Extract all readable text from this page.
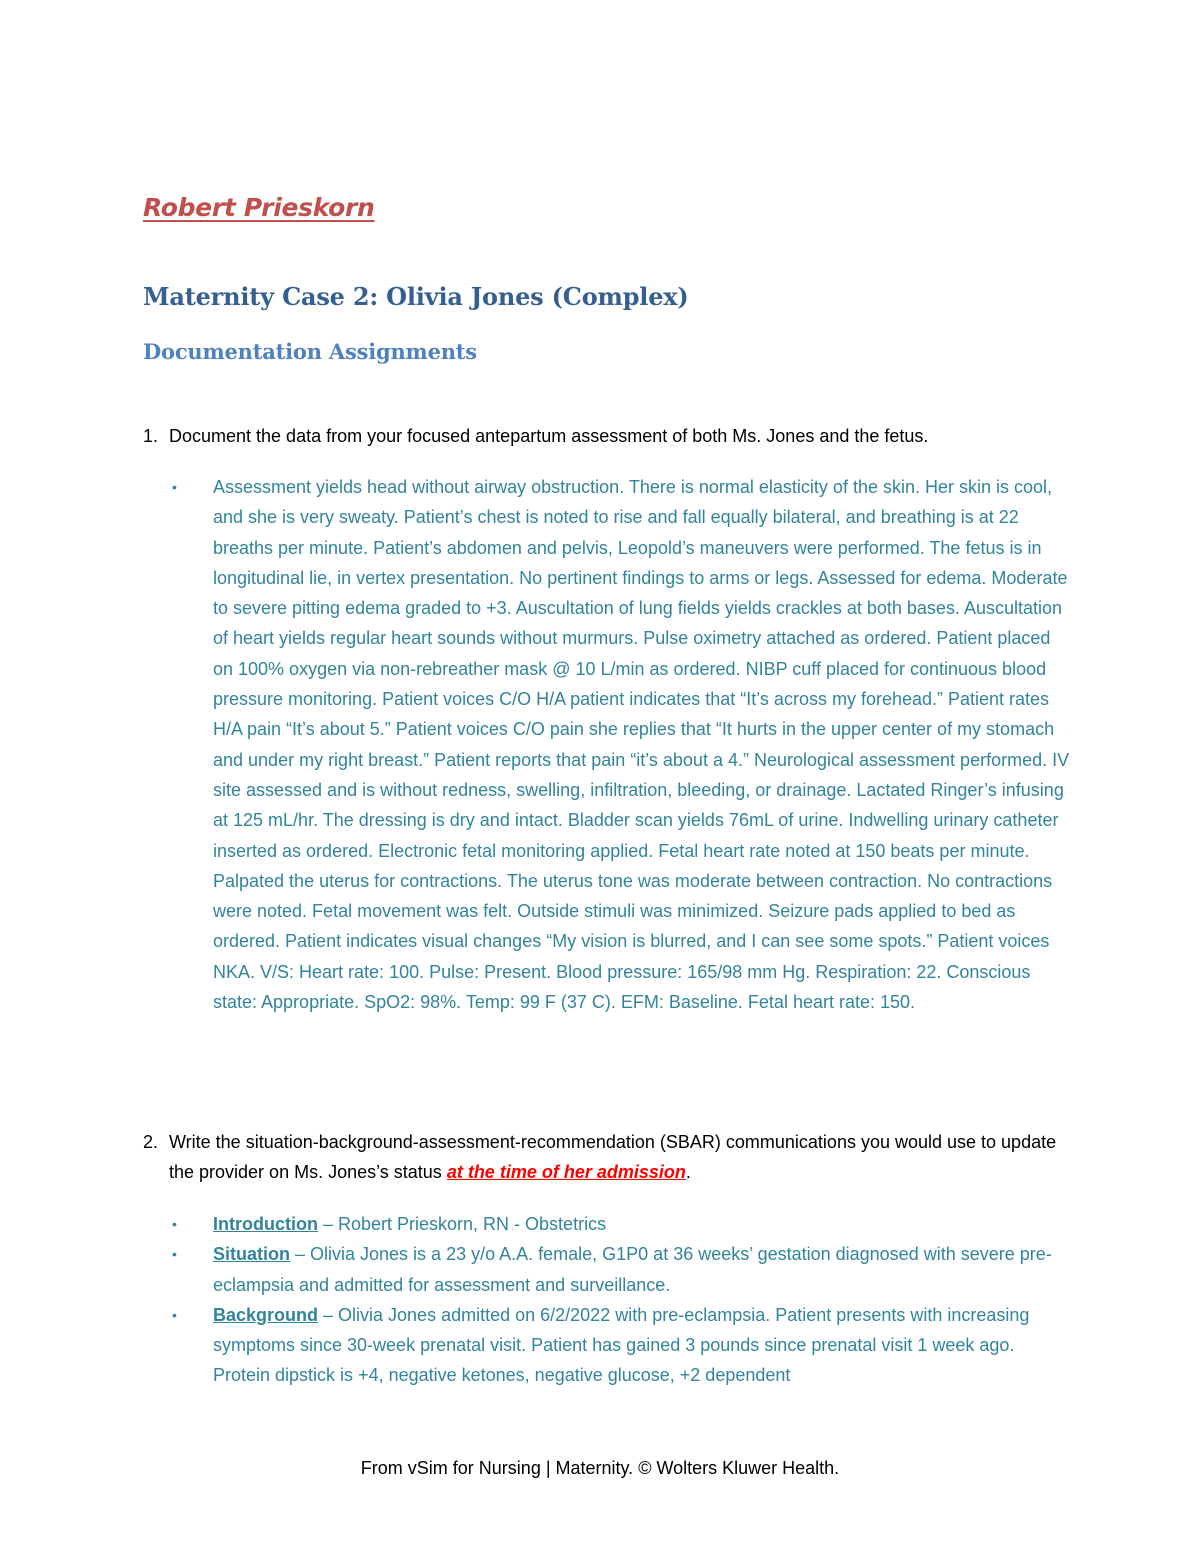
Robert Prieskorn
Maternity Case 2: Olivia Jones (Complex)
Documentation Assignments
1. Document the data from your focused antepartum assessment of both Ms. Jones and the fetus.
• Assessment yields head without airway obstruction. There is normal elasticity of the skin. Her skin is cool, and she is very sweaty. Patient’s chest is noted to rise and fall equally bilateral, and breathing is at 22 breaths per minute. Patient’s abdomen and pelvis, Leopold’s maneuvers were performed. The fetus is in longitudinal lie, in vertex presentation. No pertinent findings to arms or legs. Assessed for edema. Moderate to severe pitting edema graded to +3. Auscultation of lung fields yields crackles at both bases. Auscultation of heart yields regular heart sounds without murmurs. Pulse oximetry attached as ordered. Patient placed on 100% oxygen via non-rebreather mask @ 10 L/min as ordered. NIBP cuff placed for continuous blood pressure monitoring. Patient voices C/O H/A patient indicates that “It’s across my forehead.” Patient rates H/A pain “It’s about 5.” Patient voices C/O pain she replies that “It hurts in the upper center of my stomach and under my right breast.” Patient reports that pain “it’s about a 4.” Neurological assessment performed. IV site assessed and is without redness, swelling, infiltration, bleeding, or drainage. Lactated Ringer’s infusing at 125 mL/hr. The dressing is dry and intact. Bladder scan yields 76mL of urine. Indwelling urinary catheter inserted as ordered. Electronic fetal monitoring applied. Fetal heart rate noted at 150 beats per minute. Palpated the uterus for contractions. The uterus tone was moderate between contraction. No contractions were noted. Fetal movement was felt. Outside stimuli was minimized. Seizure pads applied to bed as ordered. Patient indicates visual changes “My vision is blurred, and I can see some spots.” Patient voices NKA. V/S: Heart rate: 100. Pulse: Present. Blood pressure: 165/98 mm Hg. Respiration: 22. Conscious state: Appropriate. SpO2: 98%. Temp: 99 F (37 C). EFM: Baseline. Fetal heart rate: 150.
2. Write the situation-background-assessment-recommendation (SBAR) communications you would use to update the provider on Ms. Jones’s status at the time of her admission.
• Introduction – Robert Prieskorn, RN - Obstetrics
• Situation – Olivia Jones is a 23 y/o A.A. female, G1P0 at 36 weeks’ gestation diagnosed with severe pre-eclampsia and admitted for assessment and surveillance.
• Background – Olivia Jones admitted on 6/2/2022 with pre-eclampsia. Patient presents with increasing symptoms since 30-week prenatal visit. Patient has gained 3 pounds since prenatal visit 1 week ago. Protein dipstick is +4, negative ketones, negative glucose, +2 dependent
From vSim for Nursing | Maternity. © Wolters Kluwer Health.
